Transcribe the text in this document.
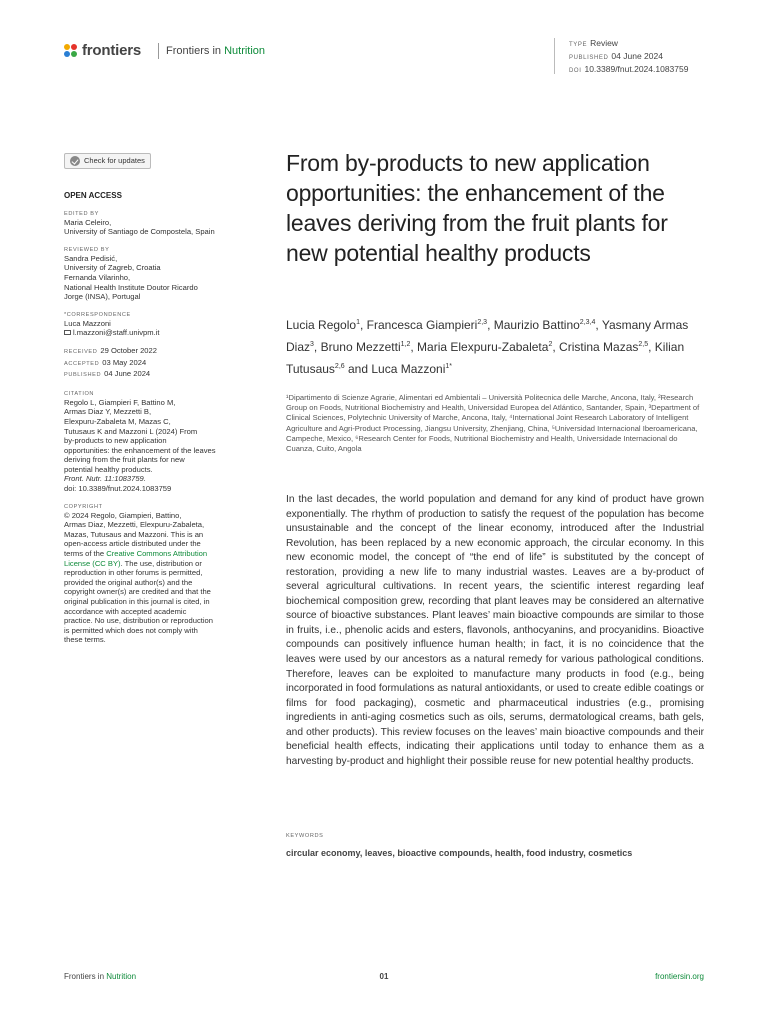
frontiers Frontiers in Nutrition	TYPE Review
PUBLISHED 04 June 2024
DOI 10.3389/fnut.2024.1083759
Check for updates
OPEN ACCESS
EDITED BY
Maria Celeiro,
University of Santiago de Compostela, Spain
REVIEWED BY
Sandra Pedisić,
University of Zagreb, Croatia
Fernanda Vilarinho,
National Health Institute Doutor Ricardo
Jorge (INSA), Portugal
*CORRESPONDENCE
Luca Mazzoni
l.mazzoni@staff.univpm.it
RECEIVED 29 October 2022
ACCEPTED 03 May 2024
PUBLISHED 04 June 2024
CITATION
Regolo L, Giampieri F, Battino M,
Armas Diaz Y, Mezzetti B,
Elexpuru-Zabaleta M, Mazas C,
Tutusaus K and Mazzoni L (2024) From
by-products to new application
opportunities: the enhancement of the leaves
deriving from the fruit plants for new
potential healthy products.
Front. Nutr. 11:1083759.
doi: 10.3389/fnut.2024.1083759
COPYRIGHT
© 2024 Regolo, Giampieri, Battino,
Armas Diaz, Mezzetti, Elexpuru-Zabaleta,
Mazas, Tutusaus and Mazzoni. This is an
open-access article distributed under the
terms of the Creative Commons Attribution
License (CC BY). The use, distribution or
reproduction in other forums is permitted,
provided the original author(s) and the
copyright owner(s) are credited and that the
original publication in this journal is cited, in
accordance with accepted academic
practice. No use, distribution or reproduction
is permitted which does not comply with
these terms.
From by-products to new application opportunities: the enhancement of the leaves deriving from the fruit plants for new potential healthy products
Lucia Regolo$^1$, Francesca Giampieri$^{2,3}$, Maurizio Battino$^{2,3,4}$, Yasmany Armas Diaz$^3$, Bruno Mezzetti$^{1,2}$, Maria Elexpuru-Zabaleta$^2$, Cristina Mazas$^{2,5}$, Kilian Tutusaus$^{2,6}$ and Luca Mazzoni$^{1*}$
¹Dipartimento di Scienze Agrarie, Alimentari ed Ambientali – Università Politecnica delle Marche, Ancona, Italy, ²Research Group on Foods, Nutritional Biochemistry and Health, Universidad Europea del Atlántico, Santander, Spain, ³Department of Clinical Sciences, Polytechnic University of Marche, Ancona, Italy, ⁴International Joint Research Laboratory of Intelligent Agriculture and Agri-Product Processing, Jiangsu University, Zhenjiang, China, ⁵Universidad Internacional Iberoamericana, Campeche, Mexico, ⁶Research Center for Foods, Nutritional Biochemistry and Health, Universidade Internacional do Cuanza, Cuito, Angola
In the last decades, the world population and demand for any kind of product have grown exponentially. The rhythm of production to satisfy the request of the population has become unsustainable and the concept of the linear economy, introduced after the Industrial Revolution, has been replaced by a new economic approach, the circular economy. In this new economic model, the concept of “the end of life” is substituted by the concept of restoration, providing a new life to many industrial wastes. Leaves are a by-product of several agricultural cultivations. In recent years, the scientific interest regarding leaf biochemical composition grew, recording that plant leaves may be considered an alternative source of bioactive substances. Plant leaves’ main bioactive compounds are similar to those in fruits, i.e., phenolic acids and esters, flavonols, anthocyanins, and procyanidins. Bioactive compounds can positively influence human health; in fact, it is no coincidence that the leaves were used by our ancestors as a natural remedy for various pathological conditions. Therefore, leaves can be exploited to manufacture many products in food (e.g., being incorporated in food formulations as natural antioxidants, or used to create edible coatings or films for food packaging), cosmetic and pharmaceutical industries (e.g., promising ingredients in anti-aging cosmetics such as oils, serums, dermatological creams, bath gels, and other products). This review focuses on the leaves’ main bioactive compounds and their beneficial health effects, indicating their applications until today to enhance them as a harvesting by-product and highlight their possible reuse for new potential healthy products.
KEYWORDS
circular economy, leaves, bioactive compounds, health, food industry, cosmetics
Frontiers in Nutrition	01	frontiersin.org
